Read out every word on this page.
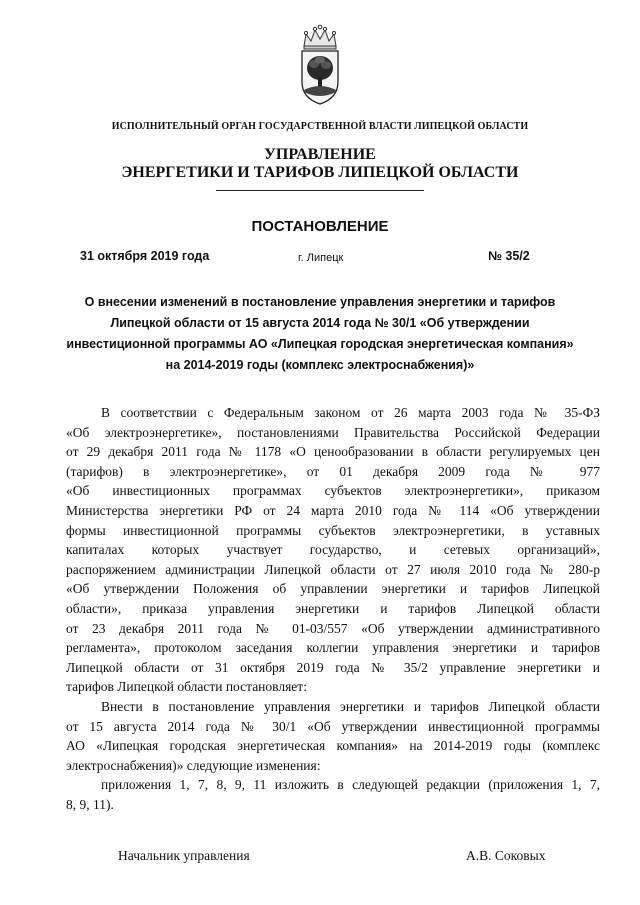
ИСПОЛНИТЕЛЬНЫЙ ОРГАН ГОСУДАРСТВЕННОЙ ВЛАСТИ ЛИПЕЦКОЙ ОБЛАСТИ
УПРАВЛЕНИЕ
ЭНЕРГЕТИКИ И ТАРИФОВ ЛИПЕЦКОЙ ОБЛАСТИ
ПОСТАНОВЛЕНИЕ
31 октября 2019 года	г. Липецк	№ 35/2
О внесении изменений в постановление управления энергетики и тарифов
Липецкой области от 15 августа 2014 года № 30/1 «Об утверждении
инвестиционной программы АО «Липецкая городская энергетическая компания»
на 2014-2019 годы (комплекс электроснабжения)»
В соответствии с Федеральным законом от 26 марта 2003 года № 35-ФЗ
«Об электроэнергетике», постановлениями Правительства Российской Федерации
от 29 декабря 2011 года № 1178 «О ценообразовании в области регулируемых цен
(тарифов) в электроэнергетике», от 01 декабря 2009 года № 977
«Об инвестиционных программах субъектов электроэнергетики», приказом
Министерства энергетики РФ от 24 марта 2010 года № 114 «Об утверждении
формы инвестиционной программы субъектов электроэнергетики, в уставных
капиталах которых участвует государство, и сетевых организаций»,
распоряжением администрации Липецкой области от 27 июля 2010 года № 280-р
«Об утверждении Положения об управлении энергетики и тарифов Липецкой
области», приказа управления энергетики и тарифов Липецкой области
от 23 декабря 2011 года № 01-03/557 «Об утверждении административного
регламента», протоколом заседания коллегии управления энергетики и тарифов
Липецкой области от 31 октября 2019 года № 35/2 управление энергетики и
тарифов Липецкой области постановляет:
Внести в постановление управления энергетики и тарифов Липецкой области
от 15 августа 2014 года № 30/1 «Об утверждении инвестиционной программы
АО «Липецкая городская энергетическая компания» на 2014-2019 годы (комплекс
электроснабжения)» следующие изменения:
приложения 1, 7, 8, 9, 11 изложить в следующей редакции (приложения 1, 7,
8, 9, 11).
Начальник управления	А.В. Соковых
